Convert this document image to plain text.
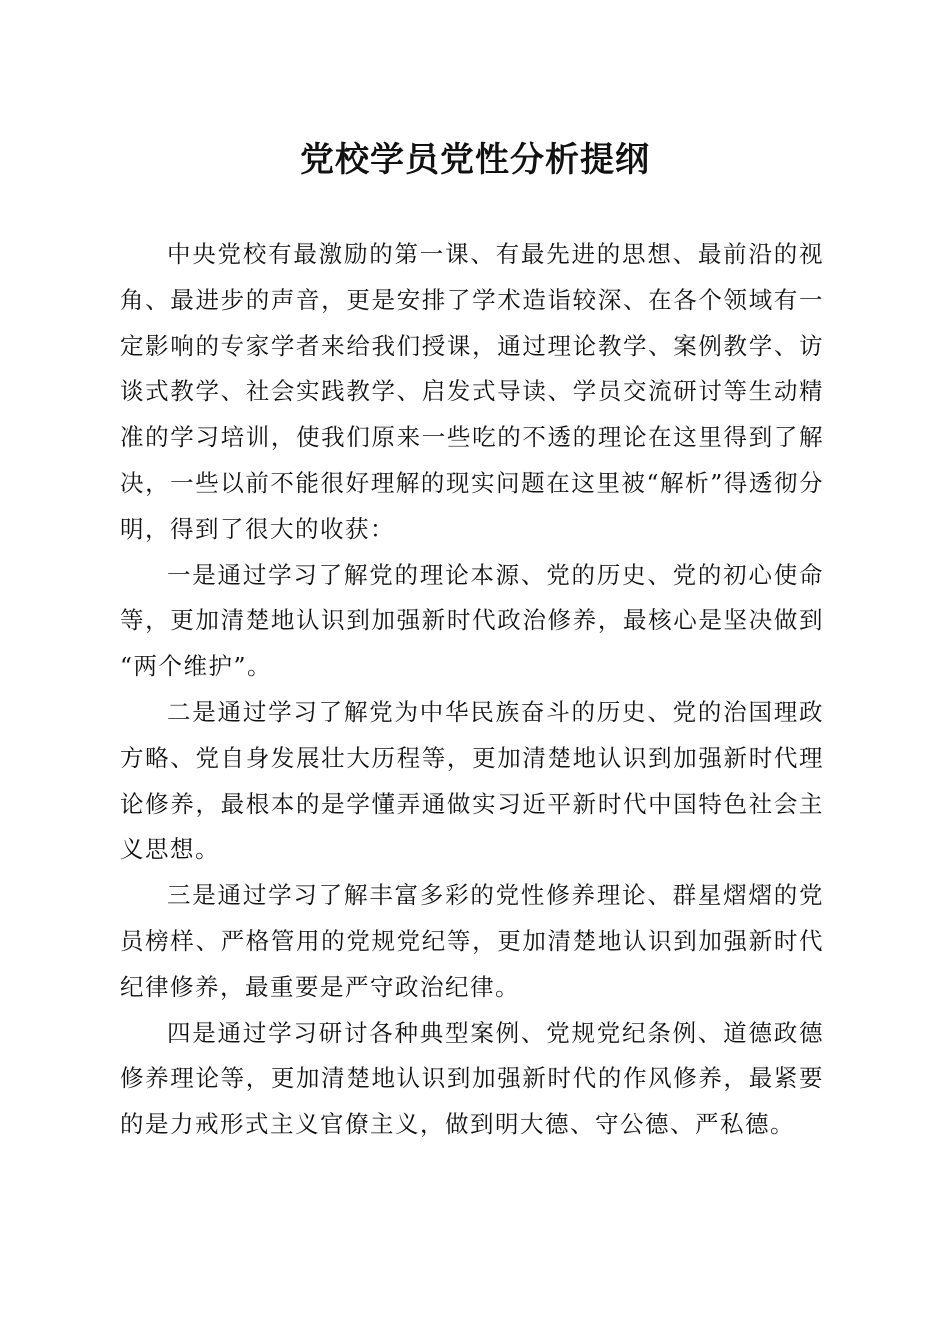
党校学员党性分析提纲

中央党校有最激励的第一课、有最先进的思想、最前沿的视角、最进步的声音，更是安排了学术造诣较深、在各个领域有一定影响的专家学者来给我们授课，通过理论教学、案例教学、访谈式教学、社会实践教学、启发式导读、学员交流研讨等生动精准的学习培训，使我们原来一些吃的不透的理论在这里得到了解决，一些以前不能很好理解的现实问题在这里被“解析”得透彻分明，得到了很大的收获：

一是通过学习了解党的理论本源、党的历史、党的初心使命等，更加清楚地认识到加强新时代政治修养，最核心是坚决做到“两个维护”。

二是通过学习了解党为中华民族奋斗的历史、党的治国理政方略、党自身发展壮大历程等，更加清楚地认识到加强新时代理论修养，最根本的是学懂弄通做实习近平新时代中国特色社会主义思想。

三是通过学习了解丰富多彩的党性修养理论、群星熠熠的党员榜样、严格管用的党规党纪等，更加清楚地认识到加强新时代纪律修养，最重要是严守政治纪律。

四是通过学习研讨各种典型案例、党规党纪条例、道德政德修养理论等，更加清楚地认识到加强新时代的作风修养，最紧要的是力戒形式主义官僚主义，做到明大德、守公德、严私德。
